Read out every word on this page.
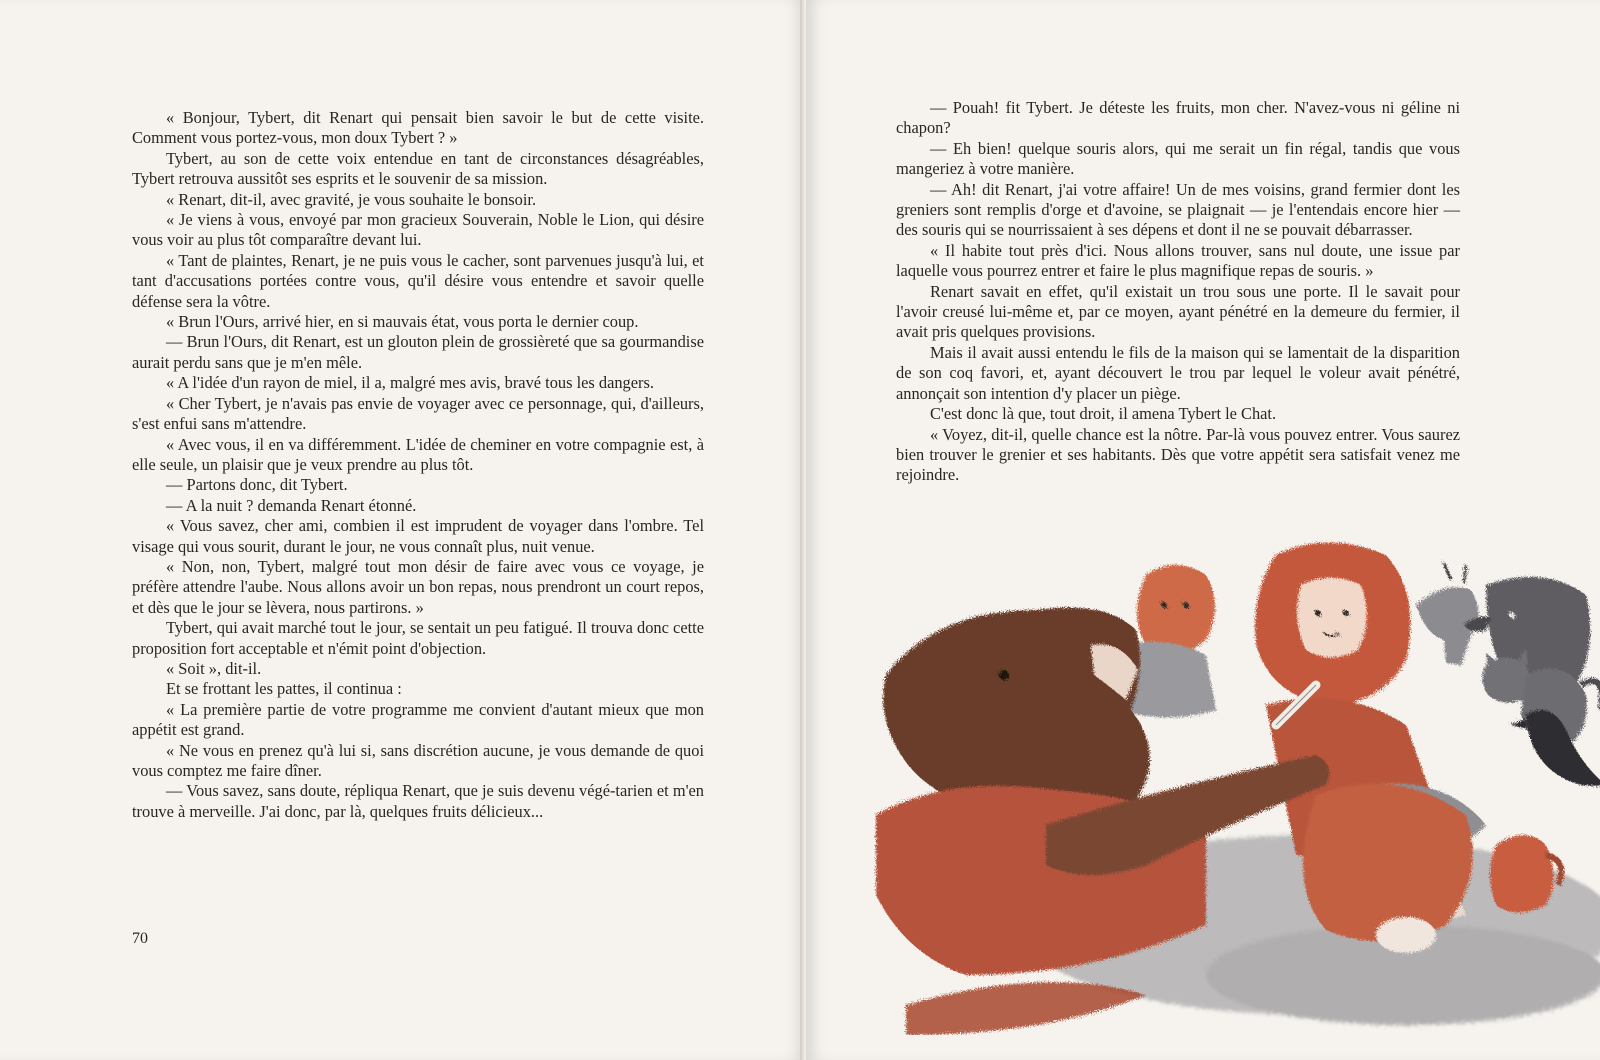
« Bonjour, Tybert, dit Renart qui pensait bien savoir le but de cette visite. Comment vous portez-vous, mon doux Tybert ? »

Tybert, au son de cette voix entendue en tant de circonstances désagréables, Tybert retrouva aussitôt ses esprits et le souvenir de sa mission.

« Renart, dit-il, avec gravité, je vous souhaite le bonsoir.

« Je viens à vous, envoyé par mon gracieux Souverain, Noble le Lion, qui désire vous voir au plus tôt comparaître devant lui.

« Tant de plaintes, Renart, je ne puis vous le cacher, sont parvenues jusqu'à lui, et tant d'accusations portées contre vous, qu'il désire vous entendre et savoir quelle défense sera la vôtre.

« Brun l'Ours, arrivé hier, en si mauvais état, vous porta le dernier coup.

— Brun l'Ours, dit Renart, est un glouton plein de grossièreté que sa gourmandise aurait perdu sans que je m'en mêle.

« A l'idée d'un rayon de miel, il a, malgré mes avis, bravé tous les dangers.

« Cher Tybert, je n'avais pas envie de voyager avec ce personnage, qui, d'ailleurs, s'est enfui sans m'attendre.

« Avec vous, il en va différemment. L'idée de cheminer en votre compagnie est, à elle seule, un plaisir que je veux prendre au plus tôt.

— Partons donc, dit Tybert.

— A la nuit ? demanda Renart étonné.

« Vous savez, cher ami, combien il est imprudent de voyager dans l'ombre. Tel visage qui vous sourit, durant le jour, ne vous connaît plus, nuit venue.

« Non, non, Tybert, malgré tout mon désir de faire avec vous ce voyage, je préfère attendre l'aube. Nous allons avoir un bon repas, nous prendront un court repos, et dès que le jour se lèvera, nous partirons. »

Tybert, qui avait marché tout le jour, se sentait un peu fatigué. Il trouva donc cette proposition fort acceptable et n'émit point d'objection.

« Soit », dit-il.

Et se frottant les pattes, il continua :

« La première partie de votre programme me convient d'autant mieux que mon appétit est grand.

« Ne vous en prenez qu'à lui si, sans discrétion aucune, je vous demande de quoi vous comptez me faire dîner.

— Vous savez, sans doute, répliqua Renart, que je suis devenu végé-tarien et m'en trouve à merveille. J'ai donc, par là, quelques fruits délicieux...

70

— Pouah! fit Tybert. Je déteste les fruits, mon cher. N'avez-vous ni géline ni chapon?

— Eh bien! quelque souris alors, qui me serait un fin régal, tandis que vous mangeriez à votre manière.

— Ah! dit Renart, j'ai votre affaire! Un de mes voisins, grand fermier dont les greniers sont remplis d'orge et d'avoine, se plaignait — je l'entendais encore hier — des souris qui se nourrissaient à ses dépens et dont il ne se pouvait débarrasser.

« Il habite tout près d'ici. Nous allons trouver, sans nul doute, une issue par laquelle vous pourrez entrer et faire le plus magnifique repas de souris. »

Renart savait en effet, qu'il existait un trou sous une porte. Il le savait pour l'avoir creusé lui-même et, par ce moyen, ayant pénétré en la demeure du fermier, il avait pris quelques provisions.

Mais il avait aussi entendu le fils de la maison qui se lamentait de la disparition de son coq favori, et, ayant découvert le trou par lequel le voleur avait pénétré, annonçait son intention d'y placer un piège.

C'est donc là que, tout droit, il amena Tybert le Chat.

« Voyez, dit-il, quelle chance est la nôtre. Par-là vous pouvez entrer. Vous saurez bien trouver le grenier et ses habitants. Dès que votre appétit sera satisfait venez me rejoindre.
